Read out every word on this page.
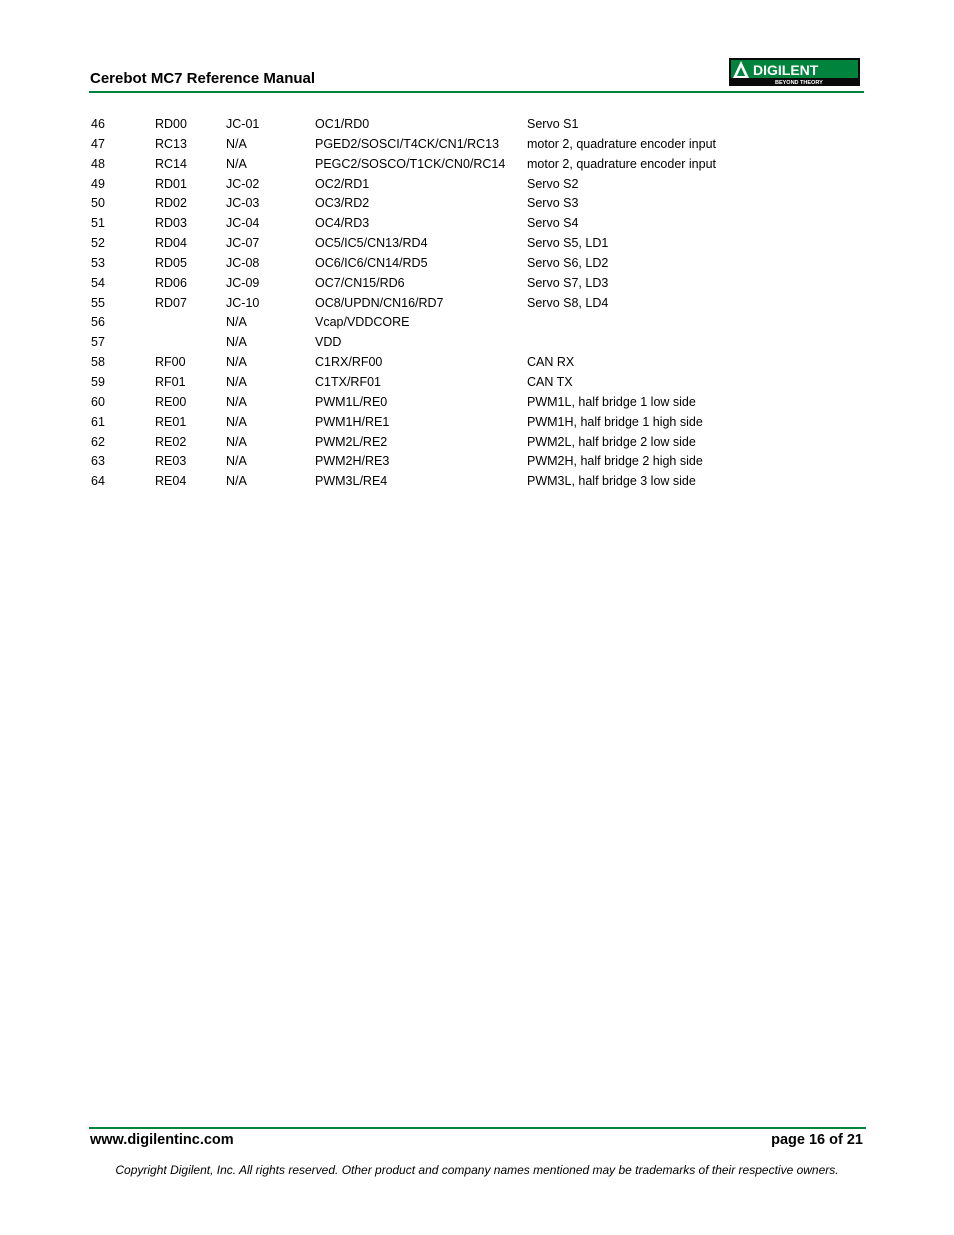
Cerebot MC7 Reference Manual	DIGILENT
BEYOND THEORY
46	RD00	JC-01	OC1/RD0	Servo S1
47	RC13	N/A	PGED2/SOSCI/T4CK/CN1/RC13	motor 2, quadrature encoder input
48	RC14	N/A	PEGC2/SOSCO/T1CK/CN0/RC14	motor 2, quadrature encoder input
49	RD01	JC-02	OC2/RD1	Servo S2
50	RD02	JC-03	OC3/RD2	Servo S3
51	RD03	JC-04	OC4/RD3	Servo S4
52	RD04	JC-07	OC5/IC5/CN13/RD4	Servo S5, LD1
53	RD05	JC-08	OC6/IC6/CN14/RD5	Servo S6, LD2
54	RD06	JC-09	OC7/CN15/RD6	Servo S7, LD3
55	RD07	JC-10	OC8/UPDN/CN16/RD7	Servo S8, LD4
56		N/A	Vcap/VDDCORE	
57		N/A	VDD	
58	RF00	N/A	C1RX/RF00	CAN RX
59	RF01	N/A	C1TX/RF01	CAN TX
60	RE00	N/A	PWM1L/RE0	PWM1L, half bridge 1 low side
61	RE01	N/A	PWM1H/RE1	PWM1H, half bridge 1 high side
62	RE02	N/A	PWM2L/RE2	PWM2L, half bridge 2 low side
63	RE03	N/A	PWM2H/RE3	PWM2H, half bridge 2 high side
64	RE04	N/A	PWM3L/RE4	PWM3L, half bridge 3 low side
www.digilentinc.com	page 16 of 21
Copyright Digilent, Inc. All rights reserved. Other product and company names mentioned may be trademarks of their respective owners.
